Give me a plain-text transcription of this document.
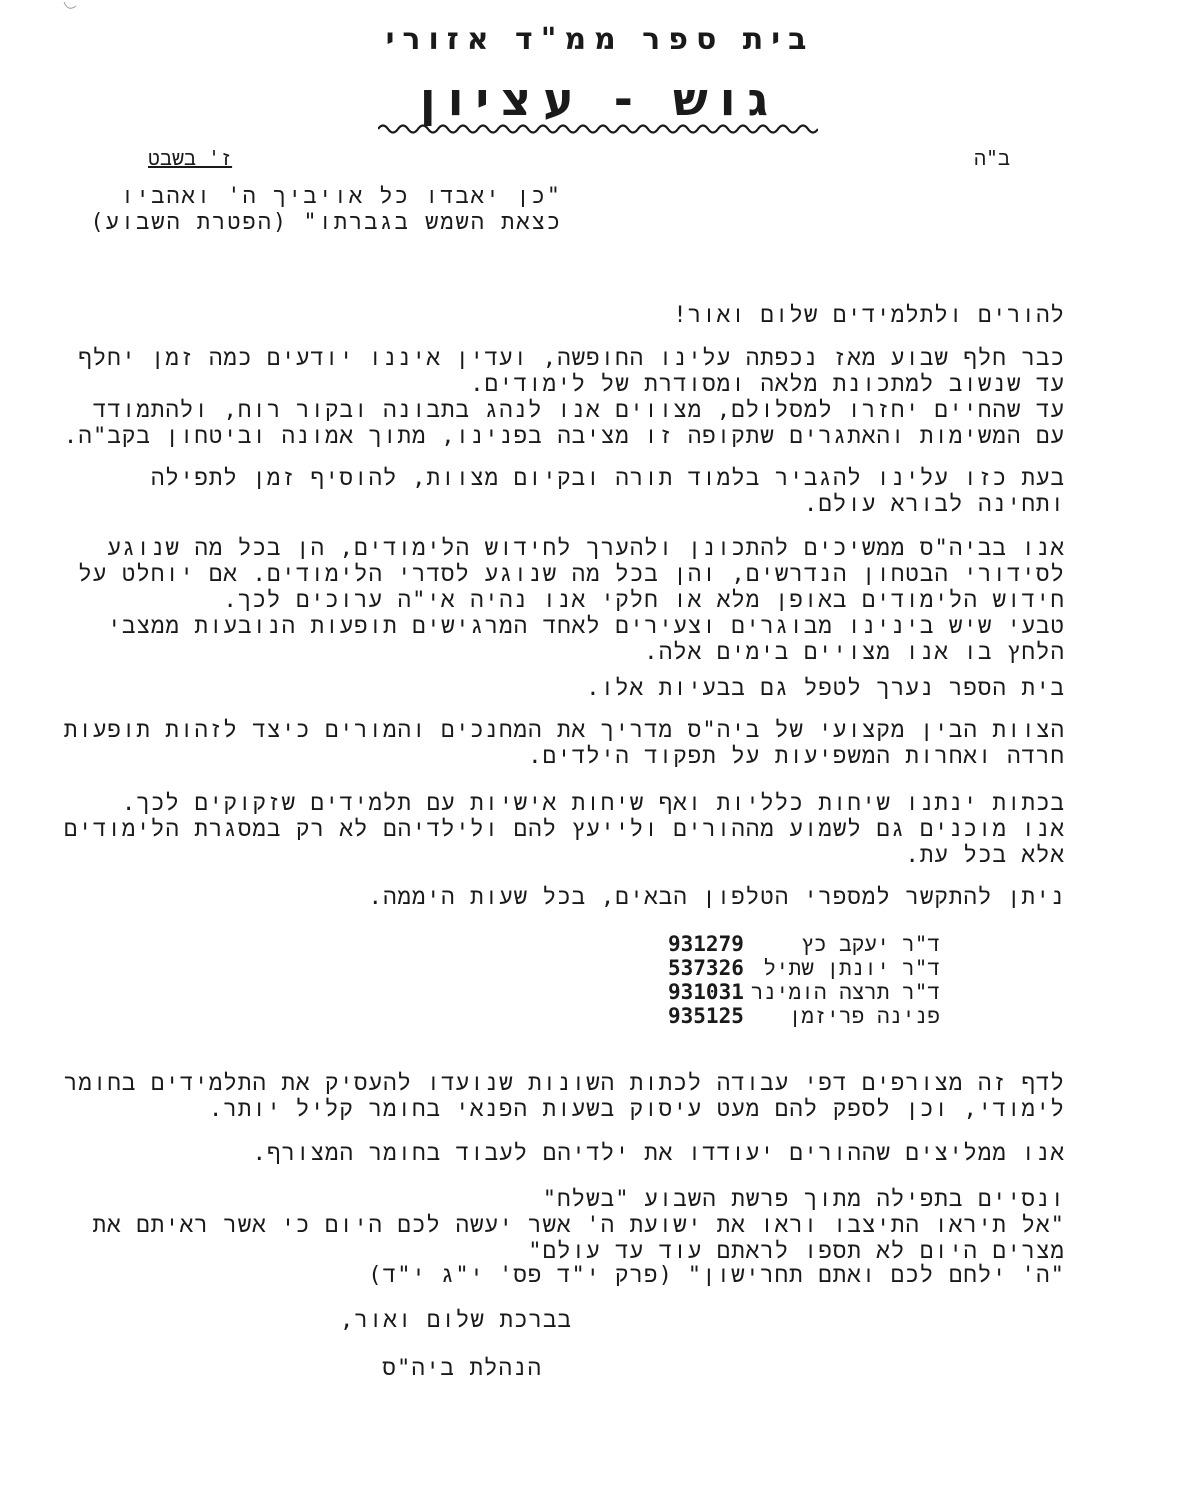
בית ספר ממ"ד אזורי
גוש - עציון
ב"ה
ז' בשבט
"כן יאבדו כל אויביך ה' ואהביו
כצאת השמש בגברתו" (הפטרת השבוע)
להורים ולתלמידים שלום ואור!
כבר חלף שבוע מאז נכפתה עלינו החופשה, ועדין איננו יודעים כמה זמן יחלף
עד שנשוב למתכונת מלאה ומסודרת של לימודים.
עד שהחיים יחזרו למסלולם, מצווים אנו לנהג בתבונה ובקור רוח, ולהתמודד
עם המשימות והאתגרים שתקופה זו מציבה בפנינו, מתוך אמונה וביטחון בקב"ה.
בעת כזו עלינו להגביר בלמוד תורה ובקיום מצוות, להוסיף זמן לתפילה
ותחינה לבורא עולם.
אנו בביה"ס ממשיכים להתכונן ולהערך לחידוש הלימודים, הן בכל מה שנוגע
לסידורי הבטחון הנדרשים, והן בכל מה שנוגע לסדרי הלימודים. אם יוחלט על
חידוש הלימודים באופן מלא או חלקי אנו נהיה אי"ה ערוכים לכך.
טבעי שיש בינינו מבוגרים וצעירים לאחד המרגישים תופעות הנובעות ממצבי
הלחץ בו אנו מצויים בימים אלה.
בית הספר נערך לטפל גם בבעיות אלו.
הצוות הבין מקצועי של ביה"ס מדריך את המחנכים והמורים כיצד לזהות תופעות
חרדה ואחרות המשפיעות על תפקוד הילדים.
בכתות ינתנו שיחות כלליות ואף שיחות אישיות עם תלמידים שזקוקים לכך.
אנו מוכנים גם לשמוע מההורים ולייעץ להם ולילדיהם לא רק במסגרת הלימודים
אלא בכל עת.
ניתן להתקשר למספרי הטלפון הבאים, בכל שעות היממה.
ד"ר יעקב כץ
931279
ד"ר יונתן שתיל
537326
ד"ר תרצה הומינר
931031
פנינה פריזמן
935125
לדף זה מצורפים דפי עבודה לכתות השונות שנועדו להעסיק את התלמידים בחומר
לימודי, וכן לספק להם מעט עיסוק בשעות הפנאי בחומר קליל יותר.
אנו ממליצים שההורים יעודדו את ילדיהם לעבוד בחומר המצורף.
ונסיים בתפילה מתוך פרשת השבוע "בשלח"
"אל תיראו התיצבו וראו את ישועת ה' אשר יעשה לכם היום כי אשר ראיתם את
מצרים היום לא תספו לראתם עוד עד עולם"
"ה' ילחם לכם ואתם תחרישון" (פרק י"ד פס' י"ג י"ד)
בברכת שלום ואור,
הנהלת ביה"ס
